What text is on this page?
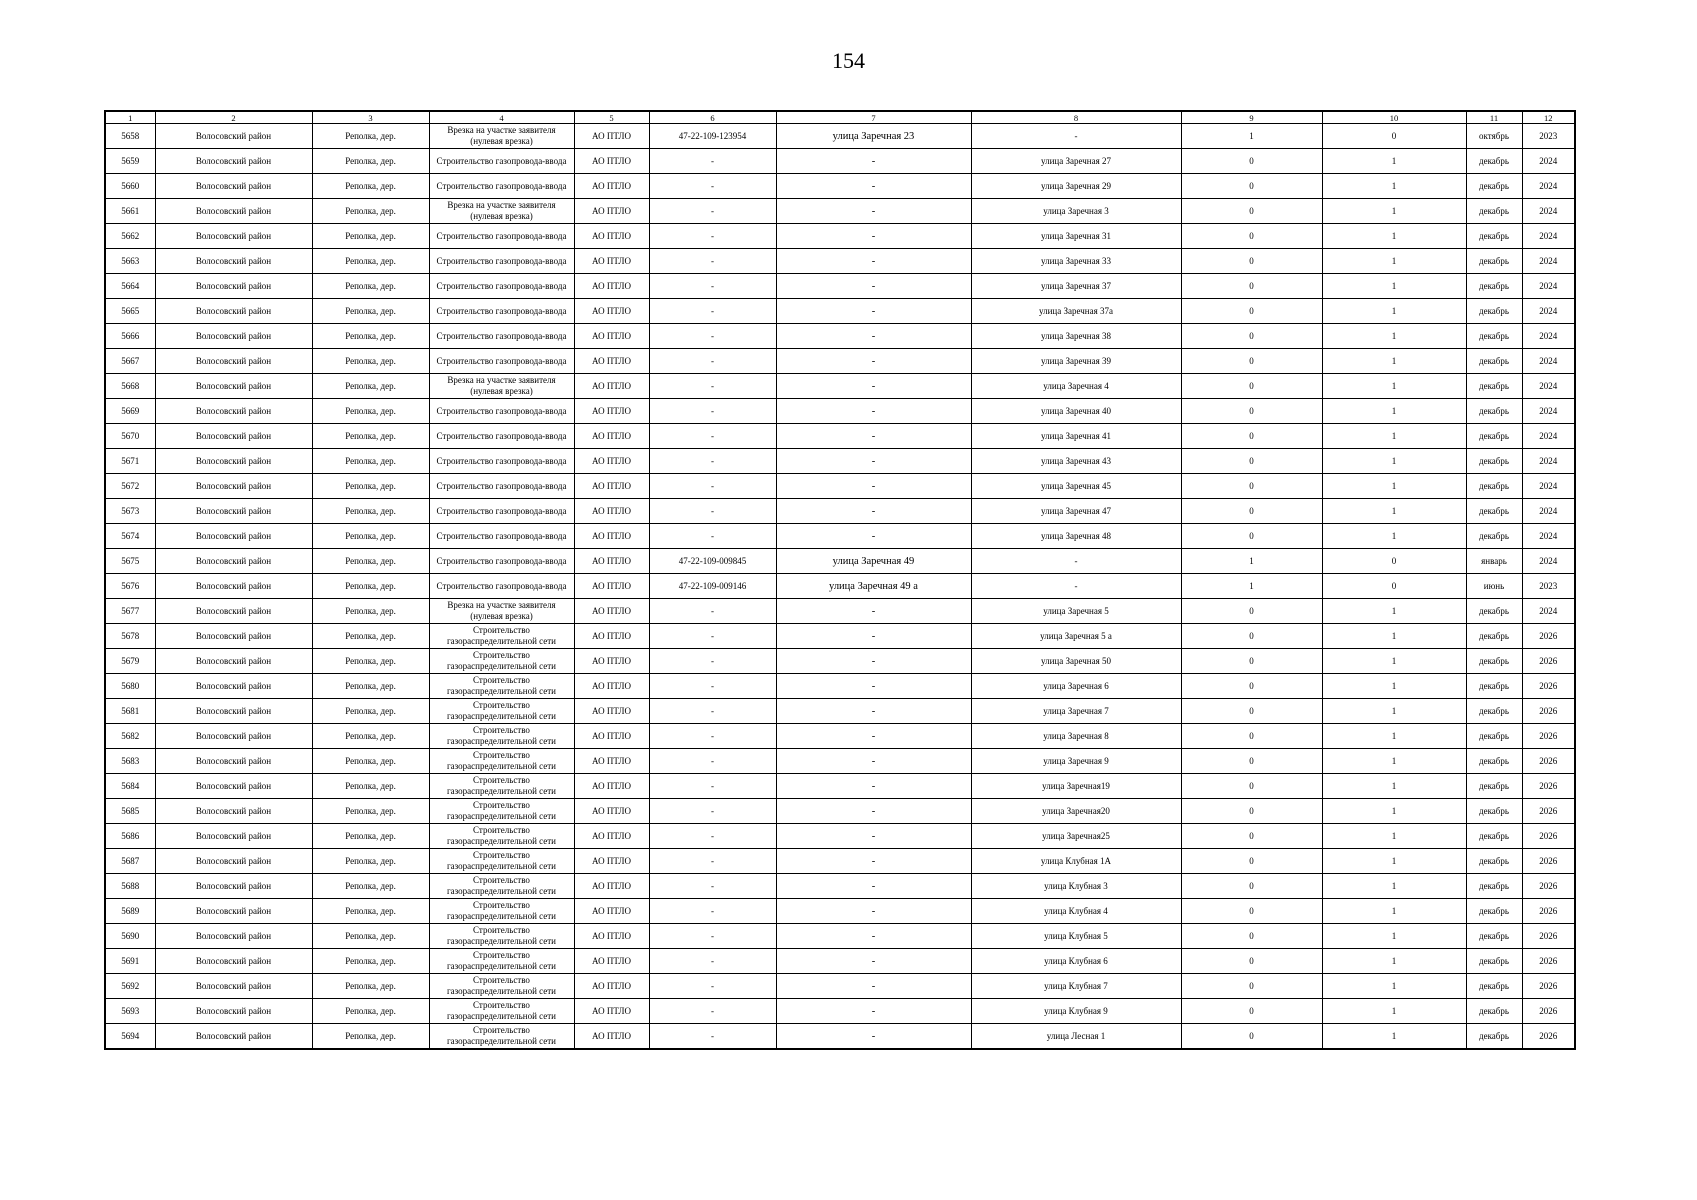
154
1	2	3	4	5	6	7	8	9	10	11	12
5658	Волосовский район	Реполка, дер.	Врезка на участке заявителя (нулевая врезка)	АО ПТЛО	47-22-109-123954	улица Заречная 23	-	1	0	октябрь	2023
5659	Волосовский район	Реполка, дер.	Строительство газопровода-ввода	АО ПТЛО	-	-	улица Заречная 27	0	1	декабрь	2024
5660	Волосовский район	Реполка, дер.	Строительство газопровода-ввода	АО ПТЛО	-	-	улица Заречная 29	0	1	декабрь	2024
5661	Волосовский район	Реполка, дер.	Врезка на участке заявителя (нулевая врезка)	АО ПТЛО	-	-	улица Заречная 3	0	1	декабрь	2024
5662	Волосовский район	Реполка, дер.	Строительство газопровода-ввода	АО ПТЛО	-	-	улица Заречная 31	0	1	декабрь	2024
5663	Волосовский район	Реполка, дер.	Строительство газопровода-ввода	АО ПТЛО	-	-	улица Заречная 33	0	1	декабрь	2024
5664	Волосовский район	Реполка, дер.	Строительство газопровода-ввода	АО ПТЛО	-	-	улица Заречная 37	0	1	декабрь	2024
5665	Волосовский район	Реполка, дер.	Строительство газопровода-ввода	АО ПТЛО	-	-	улица Заречная 37а	0	1	декабрь	2024
5666	Волосовский район	Реполка, дер.	Строительство газопровода-ввода	АО ПТЛО	-	-	улица Заречная 38	0	1	декабрь	2024
5667	Волосовский район	Реполка, дер.	Строительство газопровода-ввода	АО ПТЛО	-	-	улица Заречная 39	0	1	декабрь	2024
5668	Волосовский район	Реполка, дер.	Врезка на участке заявителя (нулевая врезка)	АО ПТЛО	-	-	улица Заречная 4	0	1	декабрь	2024
5669	Волосовский район	Реполка, дер.	Строительство газопровода-ввода	АО ПТЛО	-	-	улица Заречная 40	0	1	декабрь	2024
5670	Волосовский район	Реполка, дер.	Строительство газопровода-ввода	АО ПТЛО	-	-	улица Заречная 41	0	1	декабрь	2024
5671	Волосовский район	Реполка, дер.	Строительство газопровода-ввода	АО ПТЛО	-	-	улица Заречная 43	0	1	декабрь	2024
5672	Волосовский район	Реполка, дер.	Строительство газопровода-ввода	АО ПТЛО	-	-	улица Заречная 45	0	1	декабрь	2024
5673	Волосовский район	Реполка, дер.	Строительство газопровода-ввода	АО ПТЛО	-	-	улица Заречная 47	0	1	декабрь	2024
5674	Волосовский район	Реполка, дер.	Строительство газопровода-ввода	АО ПТЛО	-	-	улица Заречная 48	0	1	декабрь	2024
5675	Волосовский район	Реполка, дер.	Строительство газопровода-ввода	АО ПТЛО	47-22-109-009845	улица Заречная 49	-	1	0	январь	2024
5676	Волосовский район	Реполка, дер.	Строительство газопровода-ввода	АО ПТЛО	47-22-109-009146	улица Заречная 49 а	-	1	0	июнь	2023
5677	Волосовский район	Реполка, дер.	Врезка на участке заявителя (нулевая врезка)	АО ПТЛО	-	-	улица Заречная 5	0	1	декабрь	2024
5678	Волосовский район	Реполка, дер.	Строительство газораспределительной сети	АО ПТЛО	-	-	улица Заречная 5 а	0	1	декабрь	2026
5679	Волосовский район	Реполка, дер.	Строительство газораспределительной сети	АО ПТЛО	-	-	улица Заречная 50	0	1	декабрь	2026
5680	Волосовский район	Реполка, дер.	Строительство газораспределительной сети	АО ПТЛО	-	-	улица Заречная 6	0	1	декабрь	2026
5681	Волосовский район	Реполка, дер.	Строительство газораспределительной сети	АО ПТЛО	-	-	улица Заречная 7	0	1	декабрь	2026
5682	Волосовский район	Реполка, дер.	Строительство газораспределительной сети	АО ПТЛО	-	-	улица Заречная 8	0	1	декабрь	2026
5683	Волосовский район	Реполка, дер.	Строительство газораспределительной сети	АО ПТЛО	-	-	улица Заречная 9	0	1	декабрь	2026
5684	Волосовский район	Реполка, дер.	Строительство газораспределительной сети	АО ПТЛО	-	-	улица Заречная19	0	1	декабрь	2026
5685	Волосовский район	Реполка, дер.	Строительство газораспределительной сети	АО ПТЛО	-	-	улица Заречная20	0	1	декабрь	2026
5686	Волосовский район	Реполка, дер.	Строительство газораспределительной сети	АО ПТЛО	-	-	улица Заречная25	0	1	декабрь	2026
5687	Волосовский район	Реполка, дер.	Строительство газораспределительной сети	АО ПТЛО	-	-	улица Клубная 1А	0	1	декабрь	2026
5688	Волосовский район	Реполка, дер.	Строительство газораспределительной сети	АО ПТЛО	-	-	улица Клубная 3	0	1	декабрь	2026
5689	Волосовский район	Реполка, дер.	Строительство газораспределительной сети	АО ПТЛО	-	-	улица Клубная 4	0	1	декабрь	2026
5690	Волосовский район	Реполка, дер.	Строительство газораспределительной сети	АО ПТЛО	-	-	улица Клубная 5	0	1	декабрь	2026
5691	Волосовский район	Реполка, дер.	Строительство газораспределительной сети	АО ПТЛО	-	-	улица Клубная 6	0	1	декабрь	2026
5692	Волосовский район	Реполка, дер.	Строительство газораспределительной сети	АО ПТЛО	-	-	улица Клубная 7	0	1	декабрь	2026
5693	Волосовский район	Реполка, дер.	Строительство газораспределительной сети	АО ПТЛО	-	-	улица Клубная 9	0	1	декабрь	2026
5694	Волосовский район	Реполка, дер.	Строительство газораспределительной сети	АО ПТЛО	-	-	улица Лесная 1	0	1	декабрь	2026
